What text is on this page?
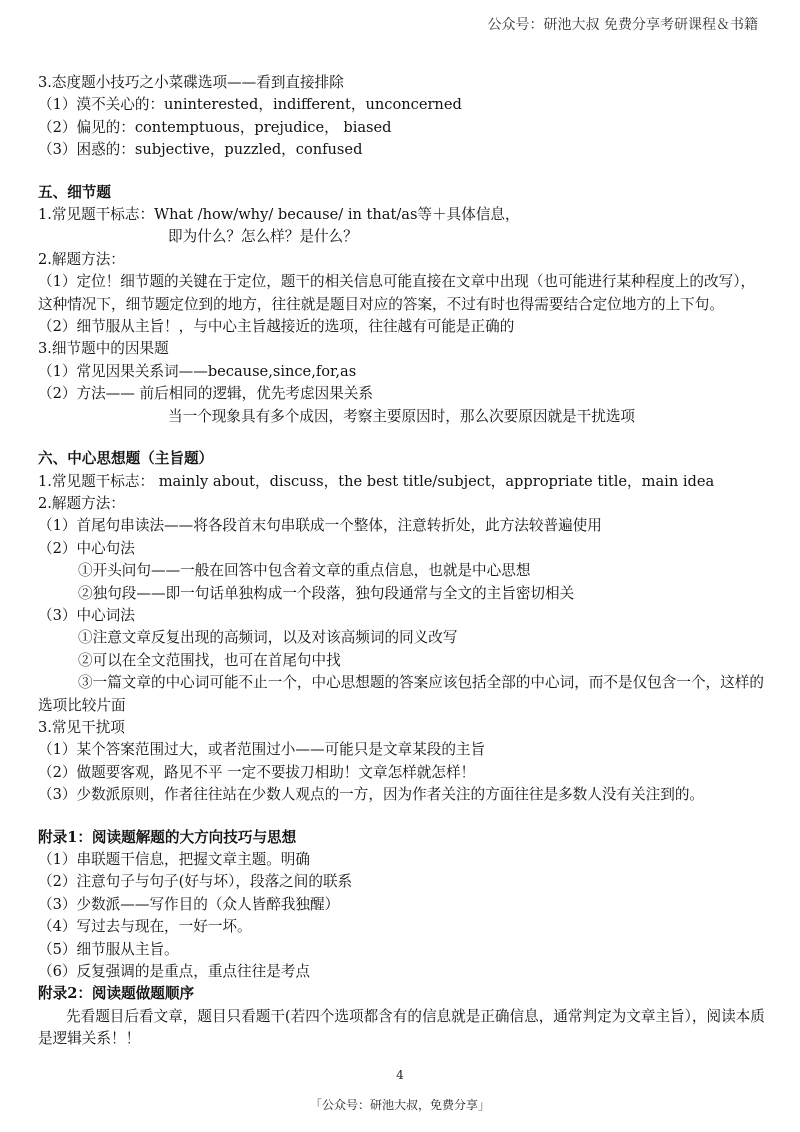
公众号：研池大叔 免费分享考研课程＆书籍
3.态度题小技巧之小菜碟选项——看到直接排除
（1）漠不关心的：uninterested，indifferent，unconcerned
（2）偏见的：contemptuous，prejudice， biased
（3）困惑的：subjective，puzzled，confused
五、细节题
1.常见题干标志：What /how/why/ because/ in that/as等＋具体信息，
即为什么？怎么样？是什么？
2.解题方法：
（1）定位！细节题的关键在于定位，题干的相关信息可能直接在文章中出现（也可能进行某种程度上的改写），这种情况下，细节题定位到的地方，往往就是题目对应的答案，不过有时也得需要结合定位地方的上下句。
（2）细节服从主旨！，与中心主旨越接近的选项，往往越有可能是正确的
3.细节题中的因果题
（1）常见因果关系词——because,since,for,as
（2）方法—— 前后相同的逻辑，优先考虑因果关系
当一个现象具有多个成因，考察主要原因时，那么次要原因就是干扰选项
六、中心思想题（主旨题）
1.常见题干标志： mainly about，discuss，the best title/subject，appropriate title，main idea
2.解题方法：
（1）首尾句串读法——将各段首末句串联成一个整体，注意转折处，此方法较普遍使用
（2）中心句法
①开头问句——一般在回答中包含着文章的重点信息，也就是中心思想
②独句段——即一句话单独构成一个段落，独句段通常与全文的主旨密切相关
（3）中心词法
①注意文章反复出现的高频词，以及对该高频词的同义改写
②可以在全文范围找，也可在首尾句中找
③一篇文章的中心词可能不止一个，中心思想题的答案应该包括全部的中心词，而不是仅包含一个，这样的选项比较片面
3.常见干扰项
（1）某个答案范围过大，或者范围过小——可能只是文章某段的主旨
（2）做题要客观，路见不平 一定不要拔刀相助！文章怎样就怎样！
（3）少数派原则，作者往往站在少数人观点的一方，因为作者关注的方面往往是多数人没有关注到的。
附录1：阅读题解题的大方向技巧与思想
（1）串联题干信息，把握文章主题。明确
（2）注意句子与句子(好与坏），段落之间的联系
（3）少数派——写作目的（众人皆醉我独醒）
（4）写过去与现在，一好一坏。
（5）细节服从主旨。
（6）反复强调的是重点，重点往往是考点
附录2：阅读题做题顺序
先看题目后看文章，题目只看题干(若四个选项都含有的信息就是正确信息，通常判定为文章主旨），阅读本质是逻辑关系！！
4
「公众号：研池大叔，免费分享」
